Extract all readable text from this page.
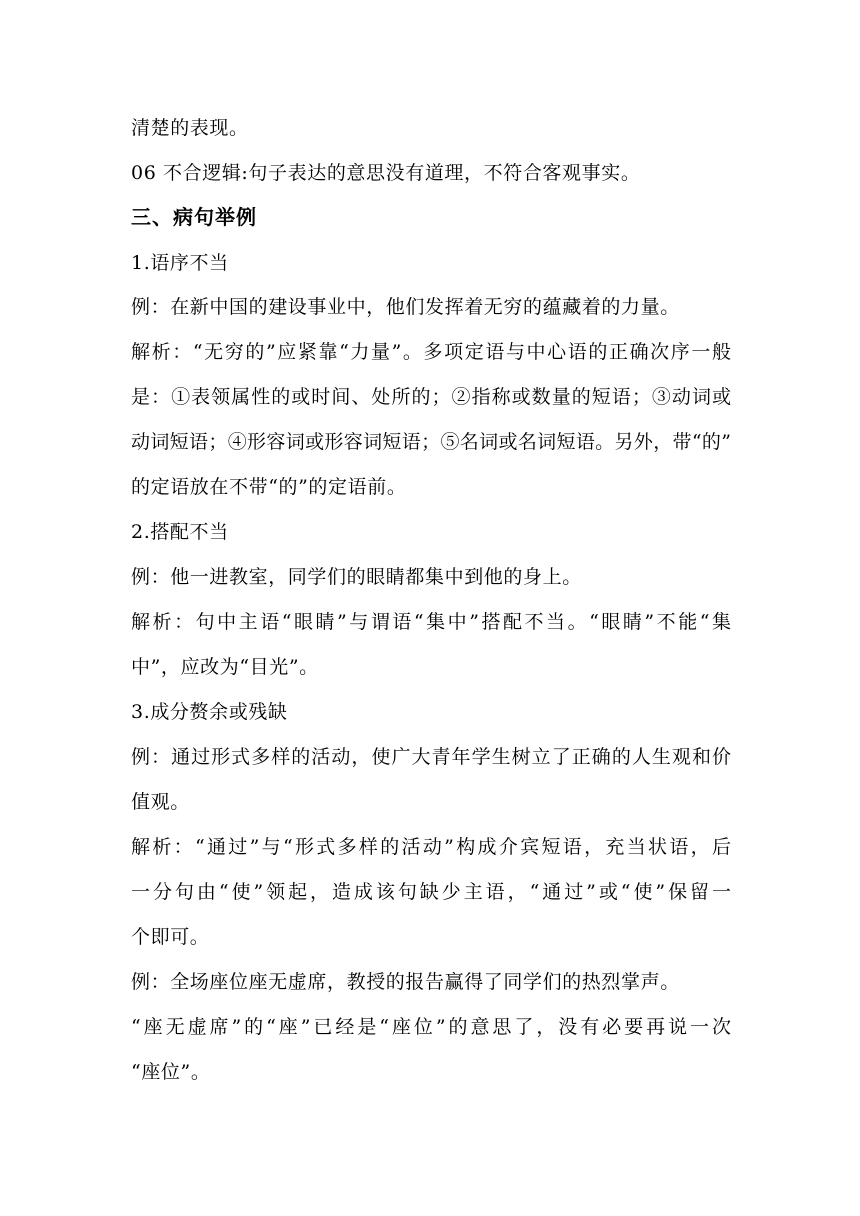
清楚的表现。

06 不合逻辑:句子表达的意思没有道理，不符合客观事实。

三、病句举例

1.语序不当

例：在新中国的建设事业中，他们发挥着无穷的蕴藏着的力量。

解析：“无穷的”应紧靠“力量”。多项定语与中心语的正确次序一般

是：①表领属性的或时间、处所的；②指称或数量的短语；③动词或

动词短语；④形容词或形容词短语；⑤名词或名词短语。另外，带“的”

的定语放在不带“的”的定语前。

2.搭配不当

例：他一进教室，同学们的眼睛都集中到他的身上。

解析：句中主语“眼睛”与谓语“集中”搭配不当。“眼睛”不能“集

中”，应改为“目光”。

3.成分赘余或残缺

例：通过形式多样的活动，使广大青年学生树立了正确的人生观和价

值观。

解析：“通过”与“形式多样的活动”构成介宾短语，充当状语，后

一分句由“使”领起，造成该句缺少主语，“通过”或“使”保留一

个即可。

例：全场座位座无虚席，教授的报告赢得了同学们的热烈掌声。

“座无虚席”的“座”已经是“座位”的意思了，没有必要再说一次

“座位”。
